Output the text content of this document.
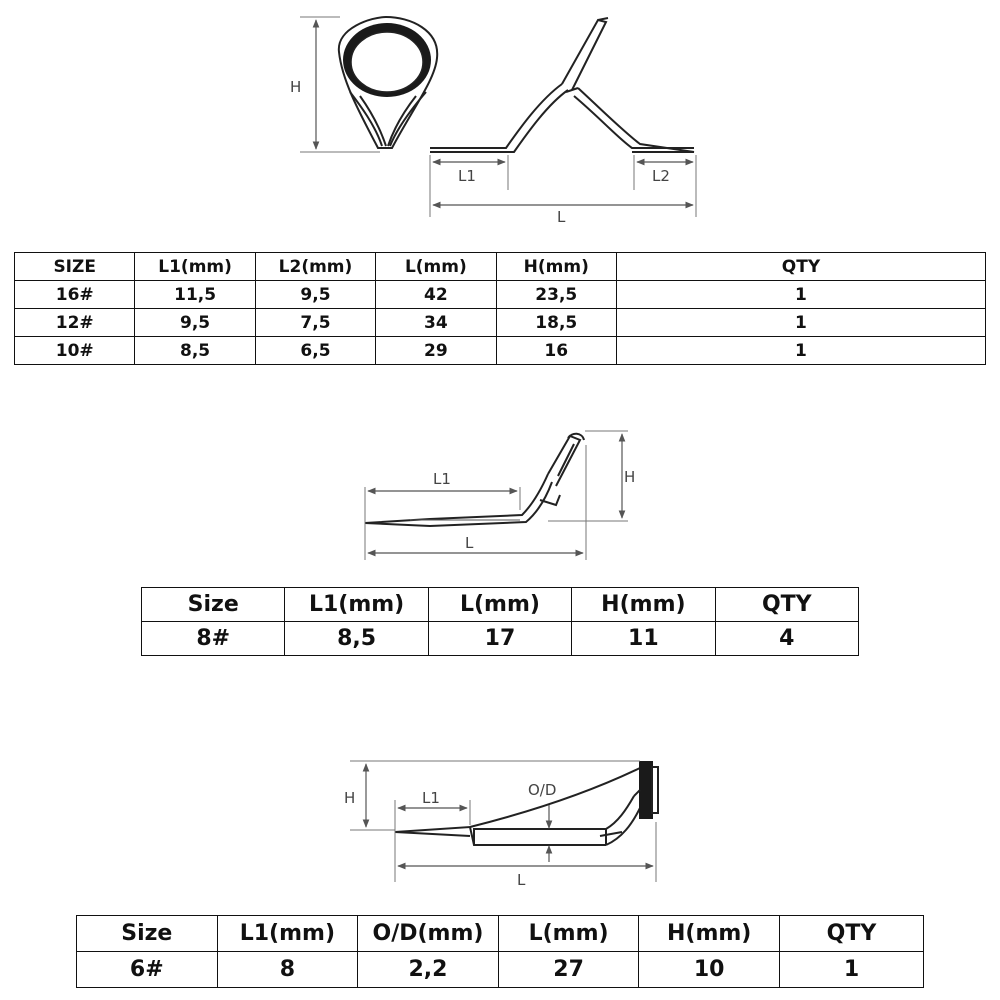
H
L1	L2
L
L1	H
L
H	L1	O/D
L
SIZE	L1(mm)	L2(mm)	L(mm)	H(mm)	QTY
16#	11,5	9,5	42	23,5	1
12#	9,5	7,5	34	18,5	1
10#	8,5	6,5	29	16	1
Size	L1(mm)	L(mm)	H(mm)	QTY
8#	8,5	17	11	4
Size	L1(mm)	O/D(mm)	L(mm)	H(mm)	QTY
6#	8	2,2	27	10	1
